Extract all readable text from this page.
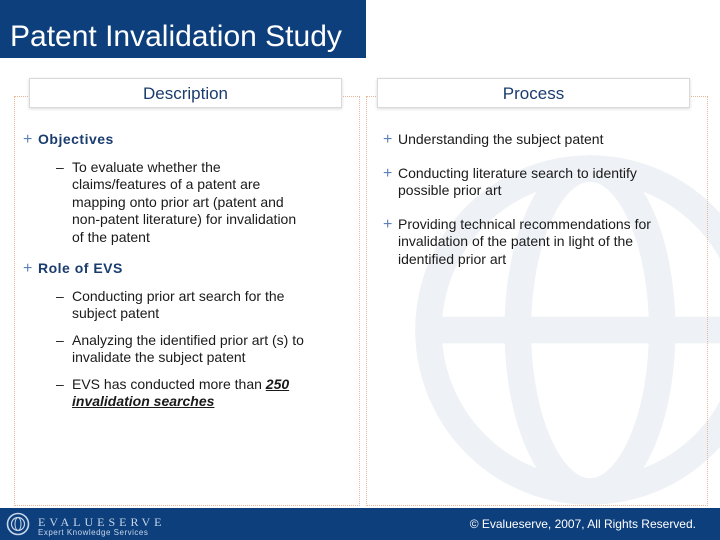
Patent Invalidation Study
Description	Process
+ Objectives
– To evaluate whether the
claims/features of a patent are
mapping onto prior art (patent and
non-patent literature) for invalidation
of the patent
+ Role of EVS
– Conducting prior art search for the
subject patent
– Analyzing the identified prior art (s) to
invalidate the subject patent
– EVS has conducted more than 250
invalidation searches
+ Understanding the subject patent
+ Conducting literature search to identify
possible prior art
+ Providing technical recommendations for
invalidation of the patent in light of the
identified prior art
EVALUESERVE
Expert Knowledge Services
© Evalueserve, 2007, All Rights Reserved.
